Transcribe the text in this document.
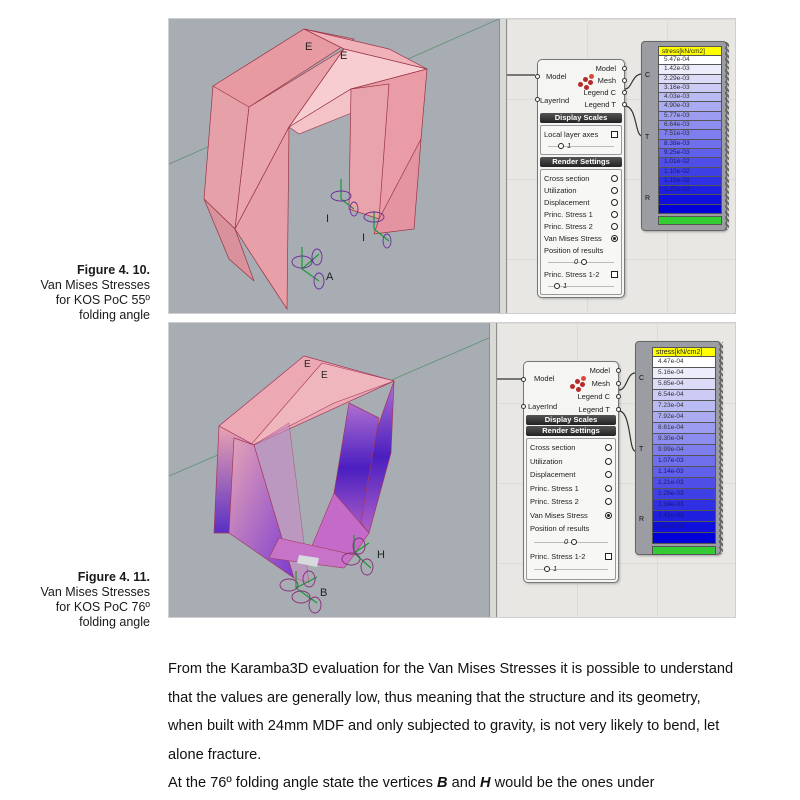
Figure 4. 10.
Van Mises Stresses
for KOS PoC 55º
folding angle
E
E
I
I
A
Model
LayerInd
Model
Mesh
Legend C
Legend T
Display Scales
Local layer axes
1
Render Settings
Cross section
Utilization
Displacement
Princ. Stress 1
Princ. Stress 2
Van Mises Stress
Position of results
0
Princ. Stress 1-2
1
C
T
R
stress[kN/cm2]
5.47e-04
1.42e-03
2.29e-03
3.16e-03
4.03e-03
4.90e-03
5.77e-03
6.64e-03
7.51e-03
8.38e-03
9.25e-03
1.01e-02
1.10e-02
1.19e-02
1.27e-02
Figure 4. 11.
Van Mises Stresses
for KOS PoC 76º
folding angle
E
E
H
B
Model
LayerInd
Model
Mesh
Legend C
Legend T
Display Scales
Render Settings
Cross section
Utilization
Displacement
Princ. Stress 1
Princ. Stress 2
Van Mises Stress
Position of results
0
Princ. Stress 1-2
1
C
T
R
stress[kN/cm2]
4.47e-04
5.16e-04
5.85e-04
6.54e-04
7.23e-04
7.92e-04
8.61e-04
9.30e-04
9.99e-04
1.07e-03
1.14e-03
1.21e-03
1.28e-03
1.34e-03
1.41e-03
1.48e-03

From the Karamba3D evaluation for the Van Mises Stresses it is possible to understand that the values are generally low, thus meaning that the structure and its geometry, when built with 24mm MDF and only subjected to gravity, is not very likely to bend, let alone fracture.

At the 76º folding angle state the vertices B and H would be the ones under
